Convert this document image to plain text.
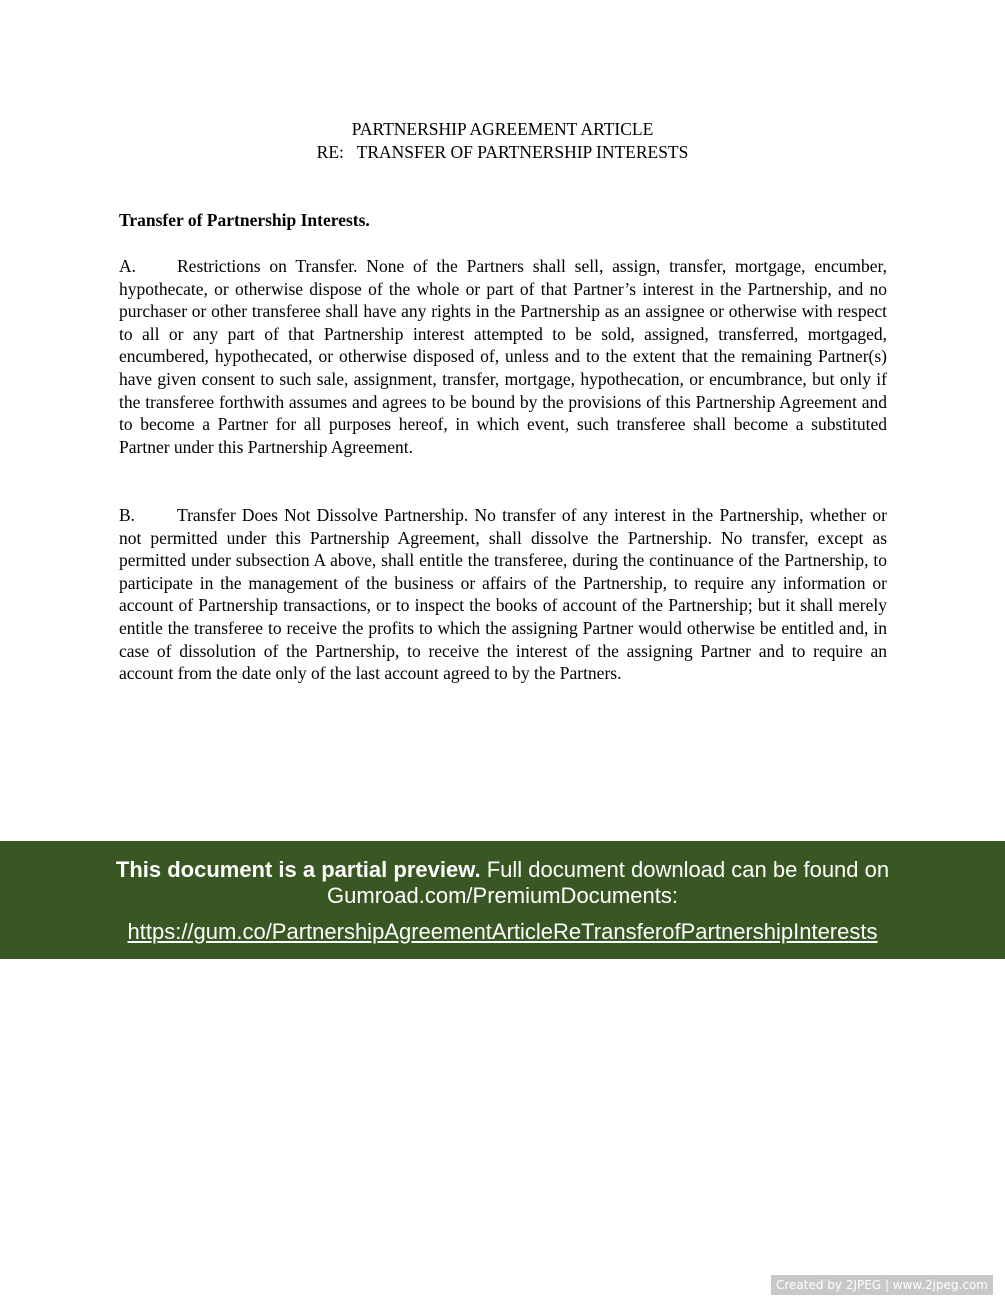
PARTNERSHIP AGREEMENT ARTICLE
RE:   TRANSFER OF PARTNERSHIP INTERESTS
Transfer of Partnership Interests.
A. Restrictions on Transfer. None of the Partners shall sell, assign, transfer, mortgage, encumber, hypothecate, or otherwise dispose of the whole or part of that Partner’s interest in the Partnership, and no purchaser or other transferee shall have any rights in the Partnership as an assignee or otherwise with respect to all or any part of that Partnership interest attempted to be sold, assigned, transferred, mortgaged, encumbered, hypothecated, or otherwise disposed of, unless and to the extent that the remaining Partner(s) have given consent to such sale, assignment, transfer, mortgage, hypothecation, or encumbrance, but only if the transferee forthwith assumes and agrees to be bound by the provisions of this Partnership Agreement and to become a Partner for all purposes hereof, in which event, such transferee shall become a substituted Partner under this Partnership Agreement.
B. Transfer Does Not Dissolve Partnership. No transfer of any interest in the Partnership, whether or not permitted under this Partnership Agreement, shall dissolve the Partnership. No transfer, except as permitted under subsection A above, shall entitle the transferee, during the continuance of the Partnership, to participate in the management of the business or affairs of the Partnership, to require any information or account of Partnership transactions, or to inspect the books of account of the Partnership; but it shall merely entitle the transferee to receive the profits to which the assigning Partner would otherwise be entitled and, in case of dissolution of the Partnership, to receive the interest of the assigning Partner and to require an account from the date only of the last account agreed to by the Partners.
This document is a partial preview. Full document download can be found on
Gumroad.com/PremiumDocuments:
https://gum.co/PartnershipAgreementArticleReTransferofPartnershipInterests
Created by 2JPEG | www.2jpeg.com
